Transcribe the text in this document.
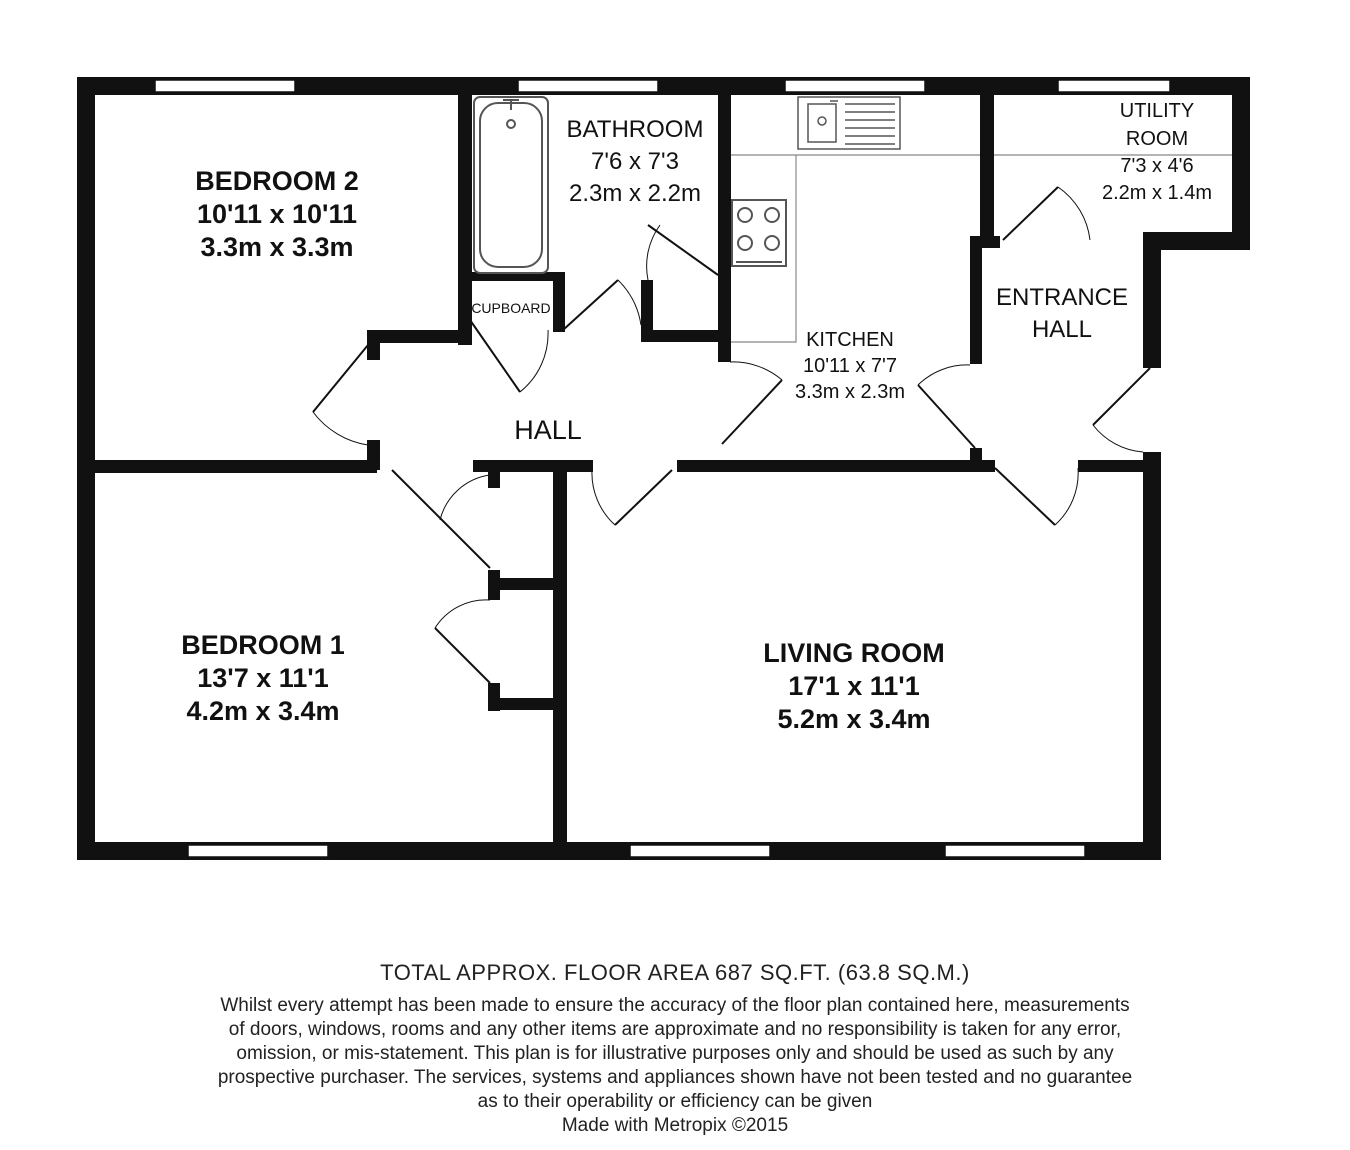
BEDROOM 2
10'11 x 10'11
3.3m x 3.3m
BATHROOM
7'6 x 7'3
2.3m x 2.2m
UTILITY
ROOM
7'3 x 4'6
2.2m x 1.4m
ENTRANCE
HALL
KITCHEN
10'11 x 7'7
3.3m x 2.3m
CUPBOARD
HALL
BEDROOM 1
13'7 x 11'1
4.2m x 3.4m
LIVING ROOM
17'1 x 11'1
5.2m x 3.4m
TOTAL APPROX. FLOOR AREA 687 SQ.FT. (63.8 SQ.M.)
Whilst every attempt has been made to ensure the accuracy of the floor plan contained here, measurements
of doors, windows, rooms and any other items are approximate and no responsibility is taken for any error,
omission, or mis-statement. This plan is for illustrative purposes only and should be used as such by any
prospective purchaser. The services, systems and appliances shown have not been tested and no guarantee
as to their operability or efficiency can be given
Made with Metropix ©2015
